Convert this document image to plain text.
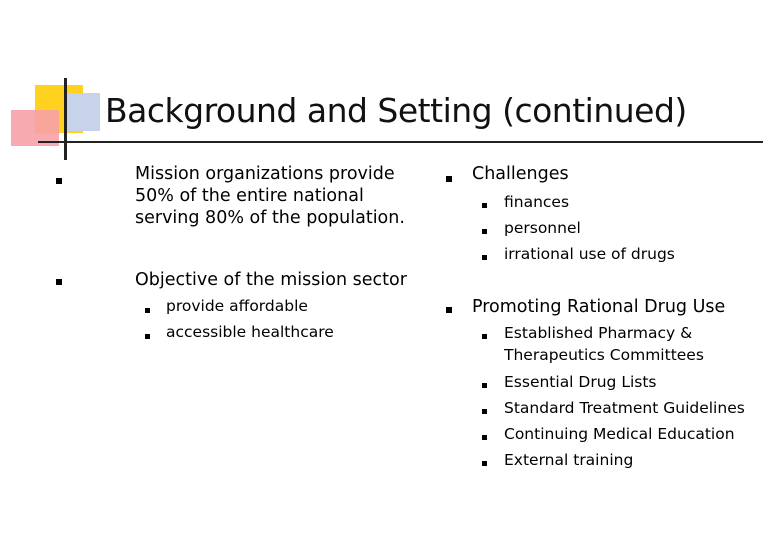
Background and Setting (continued)
Mission organizations provide
50% of the entire national
serving 80% of the population.
Objective of the mission sector
provide affordable
accessible healthcare
Challenges
finances
personnel
irrational use of drugs
Promoting Rational Drug Use
Established Pharmacy &
Therapeutics Committees
Essential Drug Lists
Standard Treatment Guidelines
Continuing Medical Education
External training
